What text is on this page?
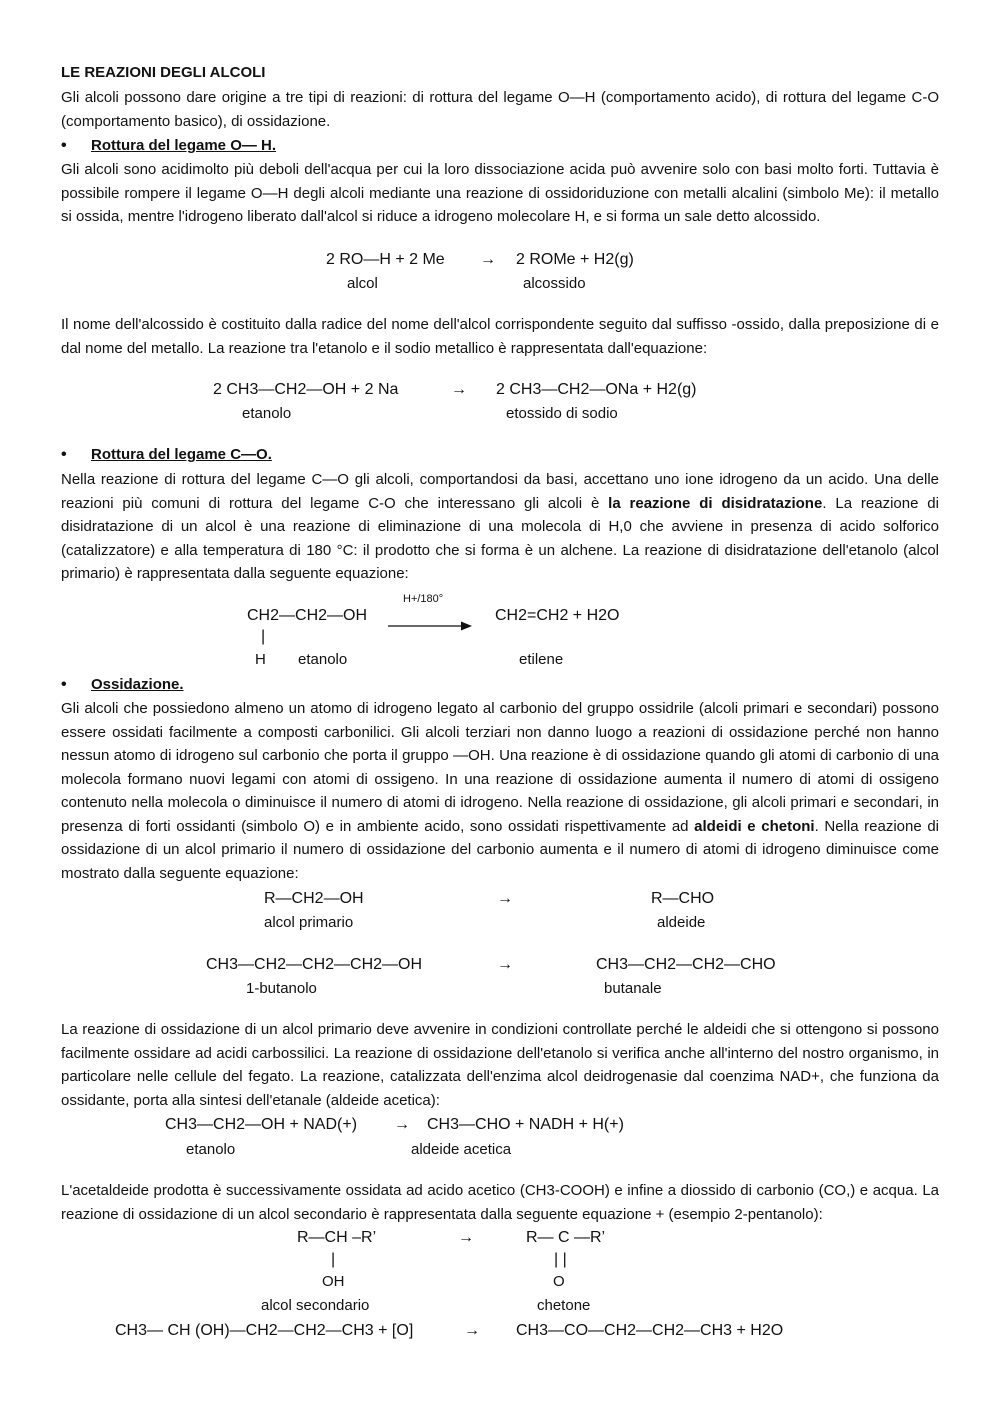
LE REAZIONI DEGLI ALCOLI
Gli alcoli possono dare origine a tre tipi di reazioni: di rottura del legame O—H (comportamento acido), di rottura del legame C-O (comportamento basico), di ossidazione.
• Rottura del legame O— H.
Gli alcoli sono acidimolto più deboli dell'acqua per cui la loro dissociazione acida può avvenire solo con basi molto forti. Tuttavia è possibile rompere il legame O—H degli alcoli mediante una reazione di ossidoriduzione con metalli alcalini (simbolo Me): il metallo si ossida, mentre l'idrogeno liberato dall'alcol si riduce a idrogeno molecolare H, e si forma un sale detto alcossido.
2 RO—H + 2 Me → 2 ROMe + H2(g)
alcol	alcossido
Il nome dell'alcossido è costituito dalla radice del nome dell'alcol corrispondente seguito dal suffisso -ossido, dalla preposizione di e dal nome del metallo. La reazione tra l'etanolo e il sodio metallico è rappresentata dall'equazione:
2 CH3—CH2—OH + 2 Na	→ 2 CH3—CH2—ONa + H2(g)
etanolo	etossido di sodio
• Rottura del legame C—O.
Nella reazione di rottura del legame C—O gli alcoli, comportandosi da basi, accettano uno ione idrogeno da un acido. Una delle reazioni più comuni di rottura del legame C-O che interessano gli alcoli è la reazione di disidratazione. La reazione di disidratazione di un alcol è una reazione di eliminazione di una molecola di H,0 che avviene in presenza di acido solforico (catalizzatore) e alla temperatura di 180 °C: il prodotto che si forma è un alchene. La reazione di disidratazione dell'etanolo (alcol primario) è rappresentata dalla seguente equazione:
CH2—CH2—OH
H+/180°
CH2=CH2 + H2O
|
H etanolo	etilene
• Ossidazione.
Gli alcoli che possiedono almeno un atomo di idrogeno legato al carbonio del gruppo ossidrile (alcoli primari e secondari) possono essere ossidati facilmente a composti carbonilici. Gli alcoli terziari non danno luogo a reazioni di ossidazione perché non hanno nessun atomo di idrogeno sul carbonio che porta il gruppo —OH. Una reazione è di ossidazione quando gli atomi di carbonio di una molecola formano nuovi legami con atomi di ossigeno. In una reazione di ossidazione aumenta il numero di atomi di ossigeno contenuto nella molecola o diminuisce il numero di atomi di idrogeno. Nella reazione di ossidazione, gli alcoli primari e secondari, in presenza di forti ossidanti (simbolo O) e in ambiente acido, sono ossidati rispettivamente ad aldeidi e chetoni. Nella reazione di ossidazione di un alcol primario il numero di ossidazione del carbonio aumenta e il numero di atomi di idrogeno diminuisce come mostrato dalla seguente equazione:
R—CH2—OH	→	R—CHO
alcol primario	aldeide
CH3—CH2—CH2—CH2—OH	→	CH3—CH2—CH2—CHO
1-butanolo	butanale
La reazione di ossidazione di un alcol primario deve avvenire in condizioni controllate perché le aldeidi che si ottengono si possono facilmente ossidare ad acidi carbossilici. La reazione di ossidazione dell'etanolo si verifica anche all'interno del nostro organismo, in particolare nelle cellule del fegato. La reazione, catalizzata dell'enzima alcol deidrogenasie dal coenzima NAD+, che funziona da ossidante, porta alla sintesi dell'etanale (aldeide acetica):
CH3—CH2—OH + NAD(+) → CH3—CHO + NADH + H(+)
etanolo	aldeide acetica
L'acetaldeide prodotta è successivamente ossidata ad acido acetico (CH3-COOH) e infine a diossido di carbonio (CO,) e acqua. La reazione di ossidazione di un alcol secondario è rappresentata dalla seguente equazione + (esempio 2-pentanolo):
R—CH –R’	→	R— C —R’
|	| |
OH	O
alcol secondario	chetone
CH3— CH (OH)—CH2—CH2—CH3 + [O]	→ CH3—CO—CH2—CH2—CH3 + H2O
